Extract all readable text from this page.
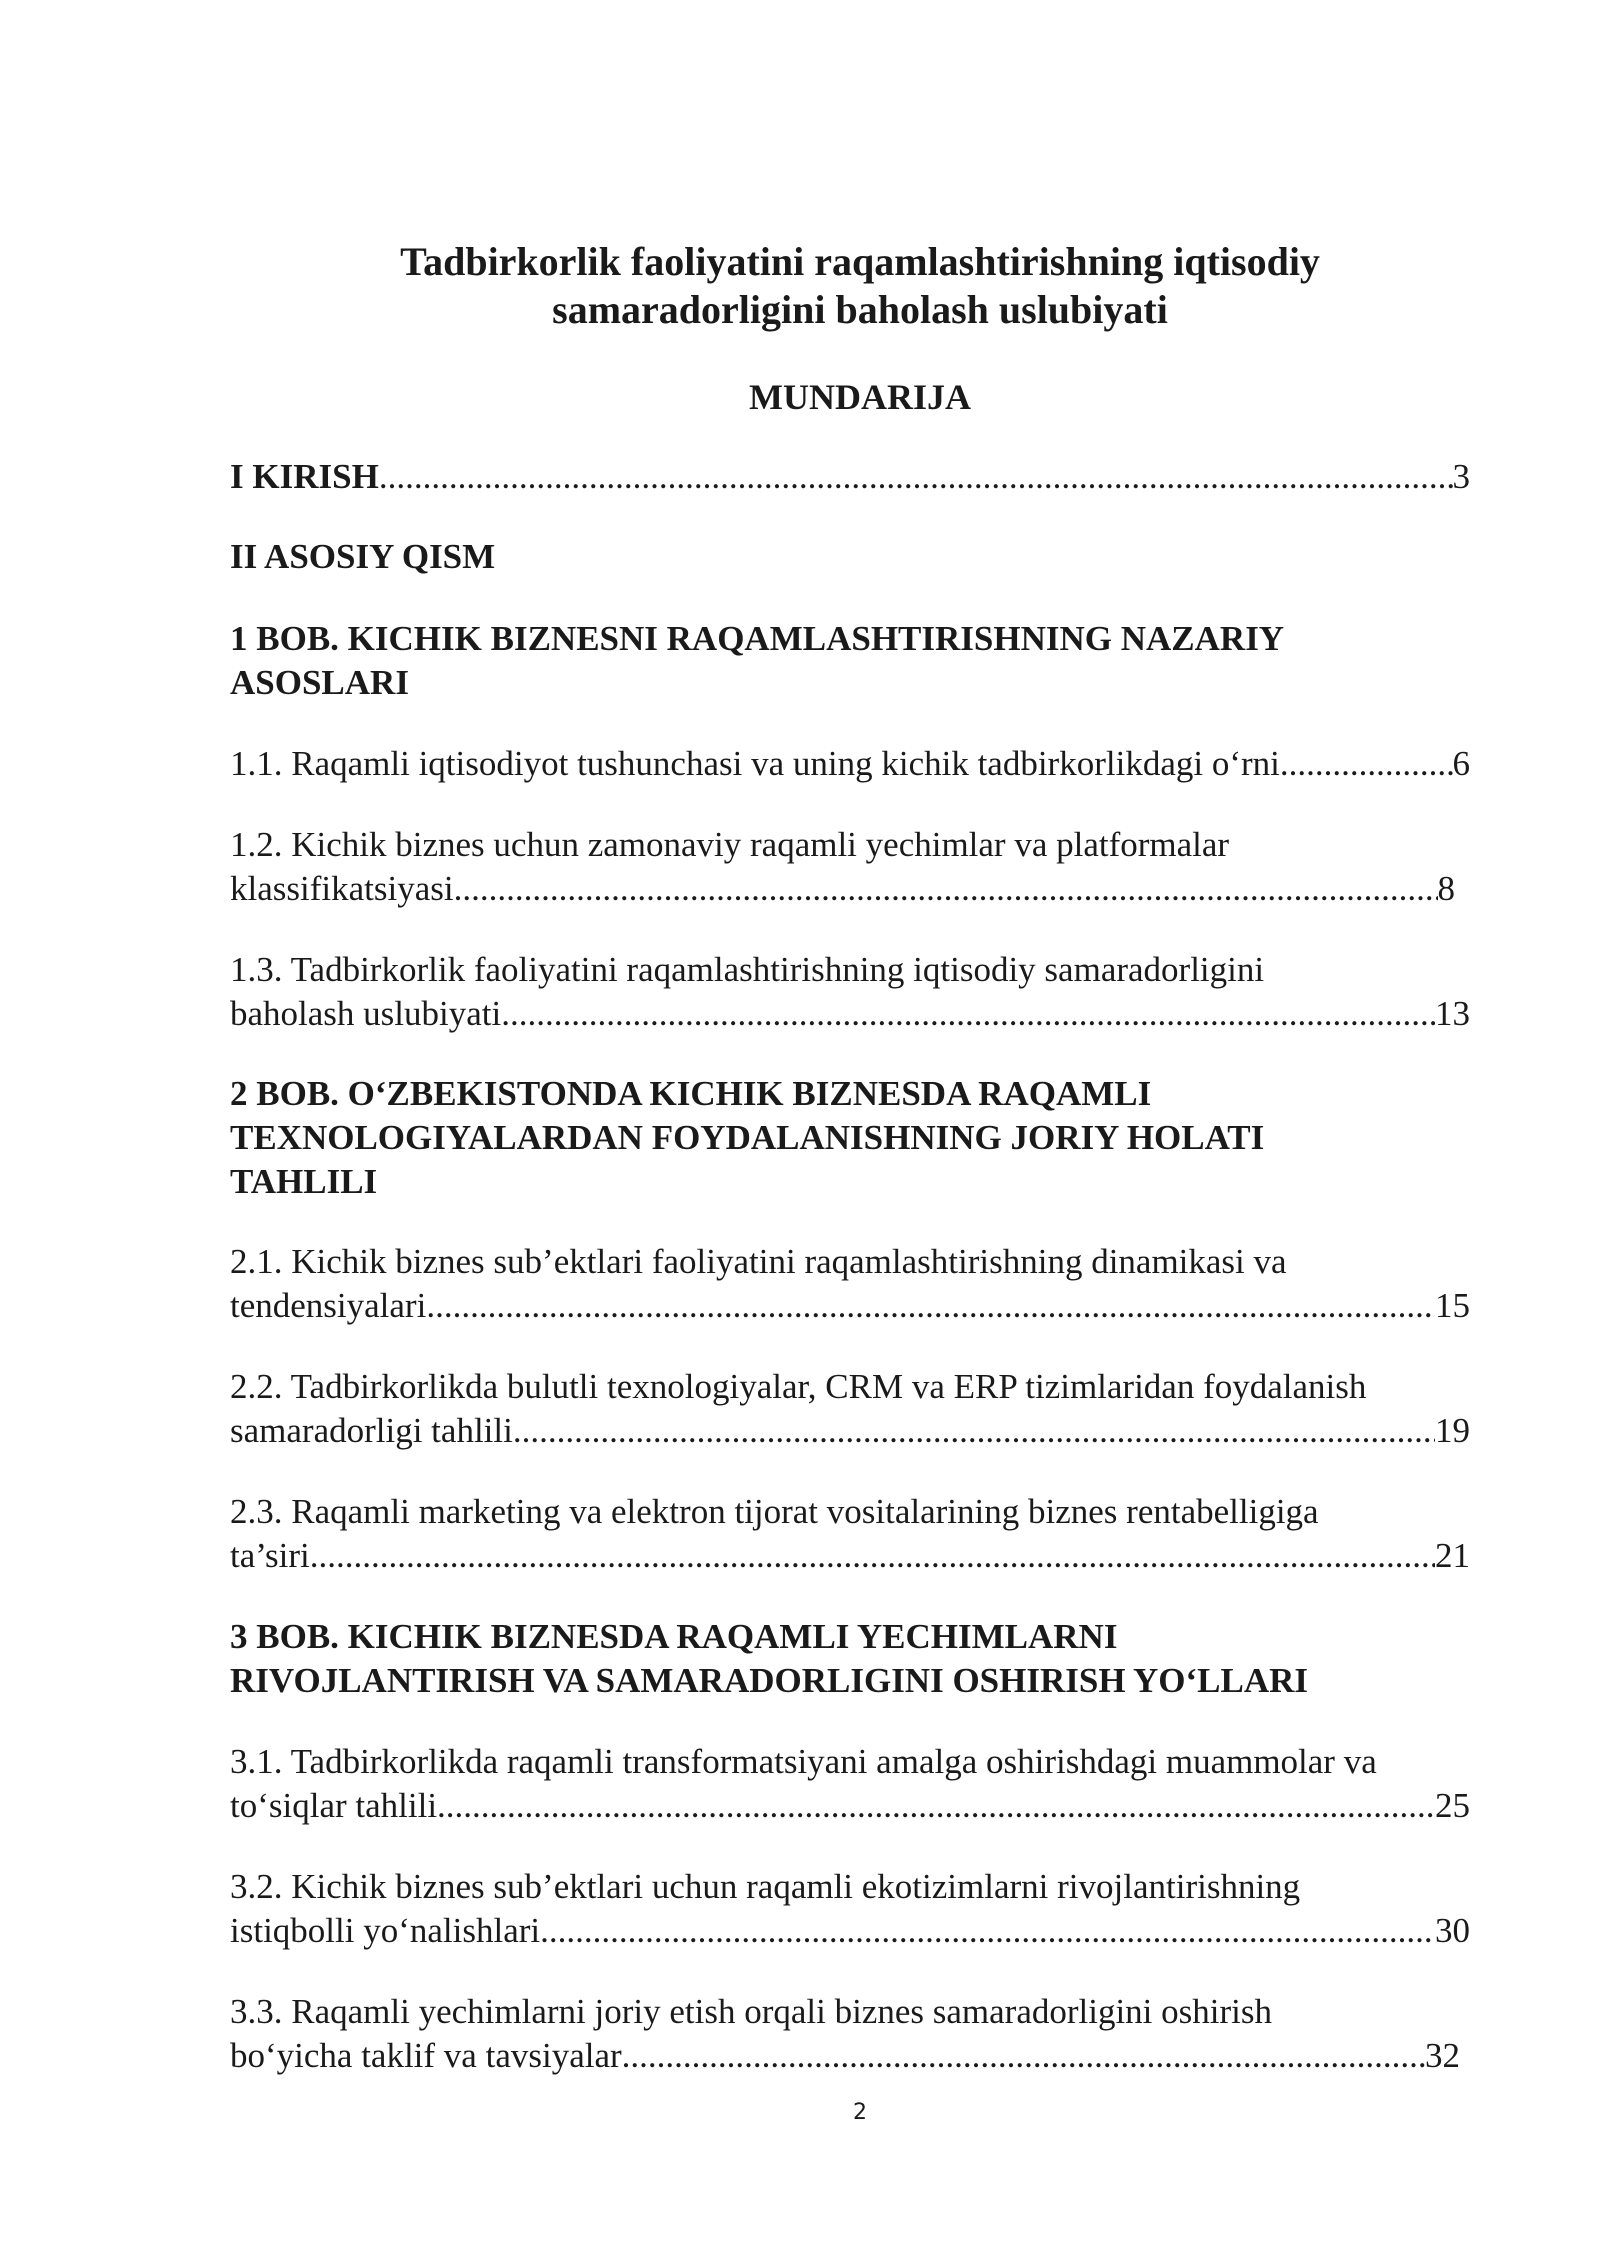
Tadbirkorlik faoliyatini raqamlashtirishning iqtisodiy
samaradorligini baholash uslubiyati
MUNDARIJA
I KIRISH .....	3
II ASOSIY QISM
1 BOB. KICHIK BIZNESNI RAQAMLASHTIRISHNING NAZARIY
ASOSLARI
1.1. Raqamli iqtisodiyot tushunchasi va uning kichik tadbirkorlikdagi o‘rni .....	6
1.2. Kichik biznes uchun zamonaviy raqamli yechimlar va platformalar
klassifikatsiyasi .....	8
1.3. Tadbirkorlik faoliyatini raqamlashtirishning iqtisodiy samaradorligini
baholash uslubiyati .....	13
2 BOB. O‘ZBEKISTONDA KICHIK BIZNESDA RAQAMLI
TEXNOLOGIYALARDAN FOYDALANISHNING JORIY HOLATI
TAHLILI
2.1. Kichik biznes sub’ektlari faoliyatini raqamlashtirishning dinamikasi va
tendensiyalari .....	15
2.2. Tadbirkorlikda bulutli texnologiyalar, CRM va ERP tizimlaridan foydalanish
samaradorligi tahlili .....	19
2.3. Raqamli marketing va elektron tijorat vositalarining biznes rentabelligiga
ta’siri .....	21
3 BOB. KICHIK BIZNESDA RAQAMLI YECHIMLARNI
RIVOJLANTIRISH VA SAMARADORLIGINI OSHIRISH YO‘LLARI
3.1. Tadbirkorlikda raqamli transformatsiyani amalga oshirishdagi muammolar va
to‘siqlar tahlili .....	25
3.2. Kichik biznes sub’ektlari uchun raqamli ekotizimlarni rivojlantirishning
istiqbolli yo‘nalishlari .....	30
3.3. Raqamli yechimlarni joriy etish orqali biznes samaradorligini oshirish
bo‘yicha taklif va tavsiyalar .....	32
2
